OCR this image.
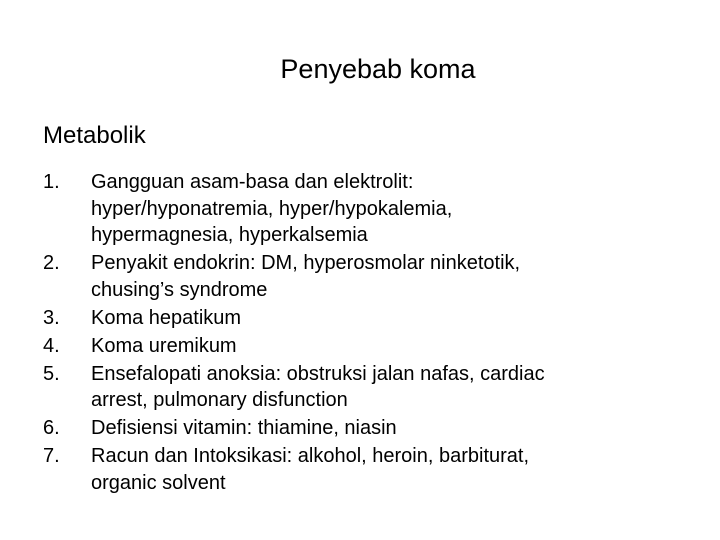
Penyebab koma
Metabolik
1.	Gangguan asam-basa dan elektrolit:
hyper/hyponatremia, hyper/hypokalemia,
hypermagnesia, hyperkalsemia
2.	Penyakit endokrin: DM, hyperosmolar ninketotik,
chusing’s syndrome
3.	Koma hepatikum
4.	Koma uremikum
5.	Ensefalopati anoksia: obstruksi jalan nafas, cardiac
arrest, pulmonary disfunction
6.	Defisiensi vitamin: thiamine, niasin
7.	Racun dan Intoksikasi: alkohol, heroin, barbiturat,
organic solvent
